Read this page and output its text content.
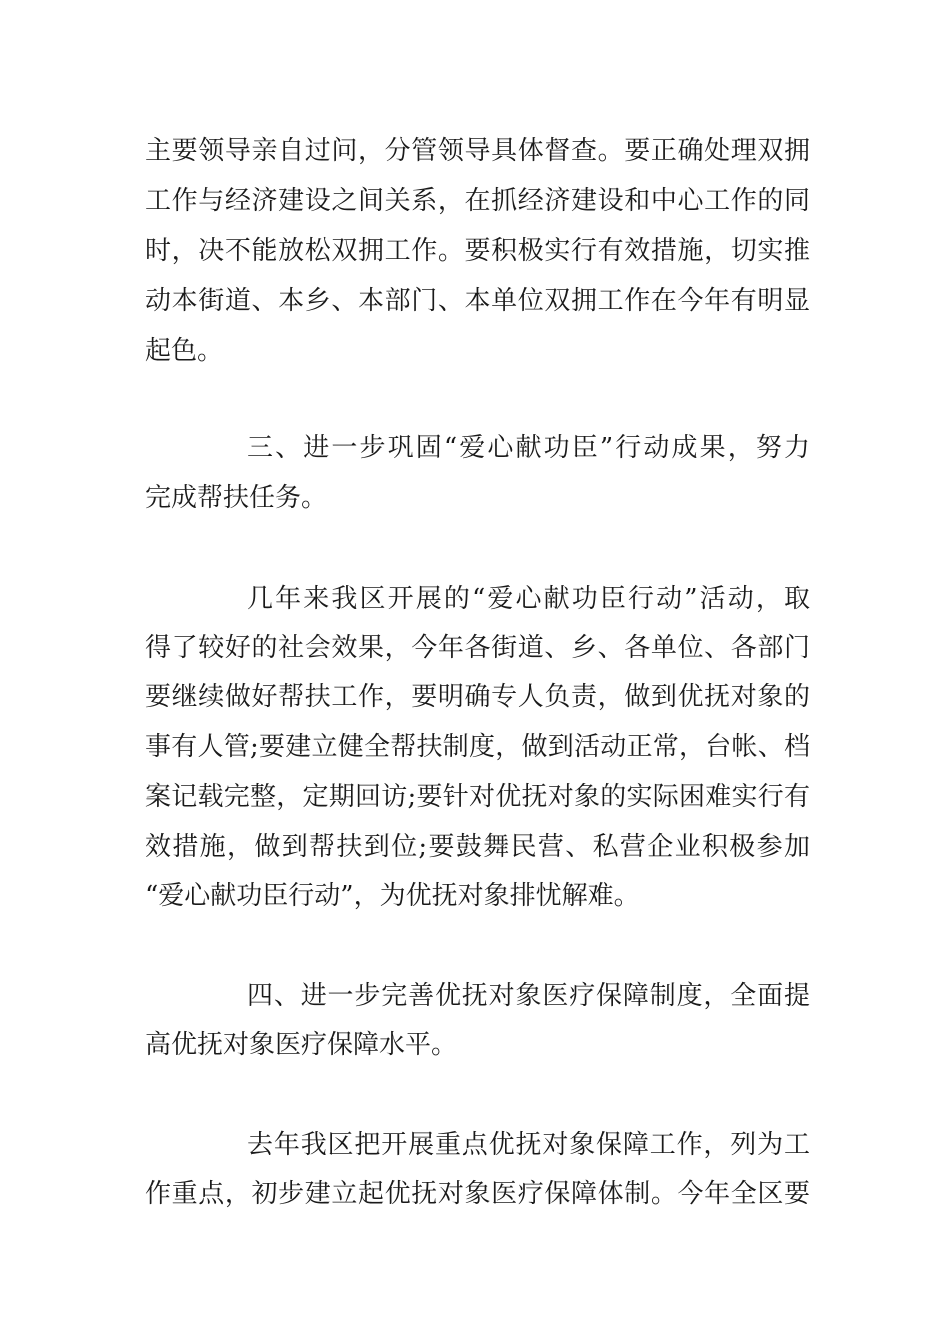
主要领导亲自过问，分管领导具体督查。要正确处理双拥
工作与经济建设之间关系，在抓经济建设和中心工作的同
时，决不能放松双拥工作。要积极实行有效措施，切实推
动本街道、本乡、本部门、本单位双拥工作在今年有明显
起色。
三、进一步巩固“爱心献功臣”行动成果，努力
完成帮扶任务。
几年来我区开展的“爱心献功臣行动”活动，取
得了较好的社会效果，今年各街道、乡、各单位、各部门
要继续做好帮扶工作，要明确专人负责，做到优抚对象的
事有人管;要建立健全帮扶制度，做到活动正常，台帐、档
案记载完整，定期回访;要针对优抚对象的实际困难实行有
效措施，做到帮扶到位;要鼓舞民营、私营企业积极参加
“爱心献功臣行动”，为优抚对象排忧解难。
四、进一步完善优抚对象医疗保障制度，全面提
高优抚对象医疗保障水平。
去年我区把开展重点优抚对象保障工作，列为工
作重点，初步建立起优抚对象医疗保障体制。今年全区要
